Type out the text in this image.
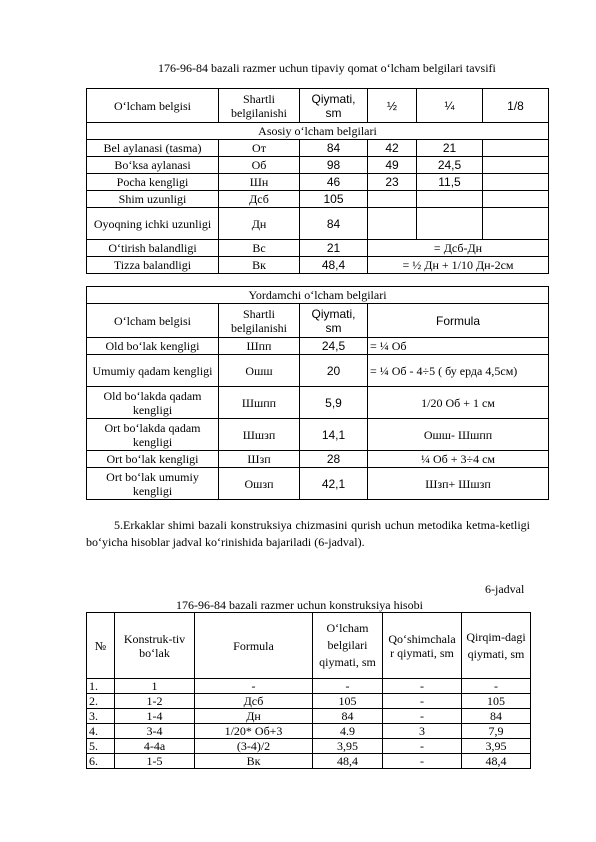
176-96-84 bazali razmer uchun tipaviy qomat oʻlcham belgilari tavsifi
Oʻlcham belgisi	Shartli belgilanishi	Qiymati, sm	½	¼	1/8
Asosiy oʻlcham belgilari					
Bel aylanasi (tasma)	От	84	42	21	
Boʻksa aylanasi	Об	98	49	24,5	
Pocha kengligi	Шн	46	23	11,5	
Shim uzunligi	Дсб	105			
Oyoqning ichki uzunligi	Дн	84			
Oʻtirish balandligi	Вс	21	= Дсб-Дн		
Tizza balandligi	Вк	48,4	= ½ Дн + 1/10 Дн-2см		
Yordamchi oʻlcham belgilari			
Oʻlcham belgisi	Shartli belgilanishi	Qiymati, sm	Formula
Old boʻlak kengligi	Шпп	24,5	= ¼ Об
Umumiy qadam kengligi	Ошш	20	= ¼ Об - 4÷5 ( бу ерда 4,5см)
Old boʻlakda qadam kengligi	Шшпп	5,9	1/20 Об + 1 см
Ort boʻlakda qadam kengligi	Шшзп	14,1	Ошш- Шшпп
Ort boʻlak kengligi	Шзп	28	¼ Об + 3÷4 см
Ort boʻlak umumiy kengligi	Ошзп	42,1	Шзп+ Шшзп
5.Erkaklar shimi bazali konstruksiya chizmasini qurish uchun metodika ketma-ketligi boʻyicha hisoblar jadval koʻrinishida bajariladi (6-jadval).
6-jadval
176-96-84 bazali razmer uchun konstruksiya hisobi
№	Konstruk-tiv boʻlak	Formula	Oʻlcham belgilari qiymati, sm	Qoʻshimchala r qiymati, sm	Qirqim-dagi qiymati, sm
1.	1	-	-	-	-
2.	1-2	Дсб	105	-	105
3.	1-4	Дн	84	-	84
4.	3-4	1/20* Об+3	4.9	3	7,9
5.	4-4a	(3-4)/2	3,95	-	3,95
6.	1-5	Вк	48,4	-	48,4
